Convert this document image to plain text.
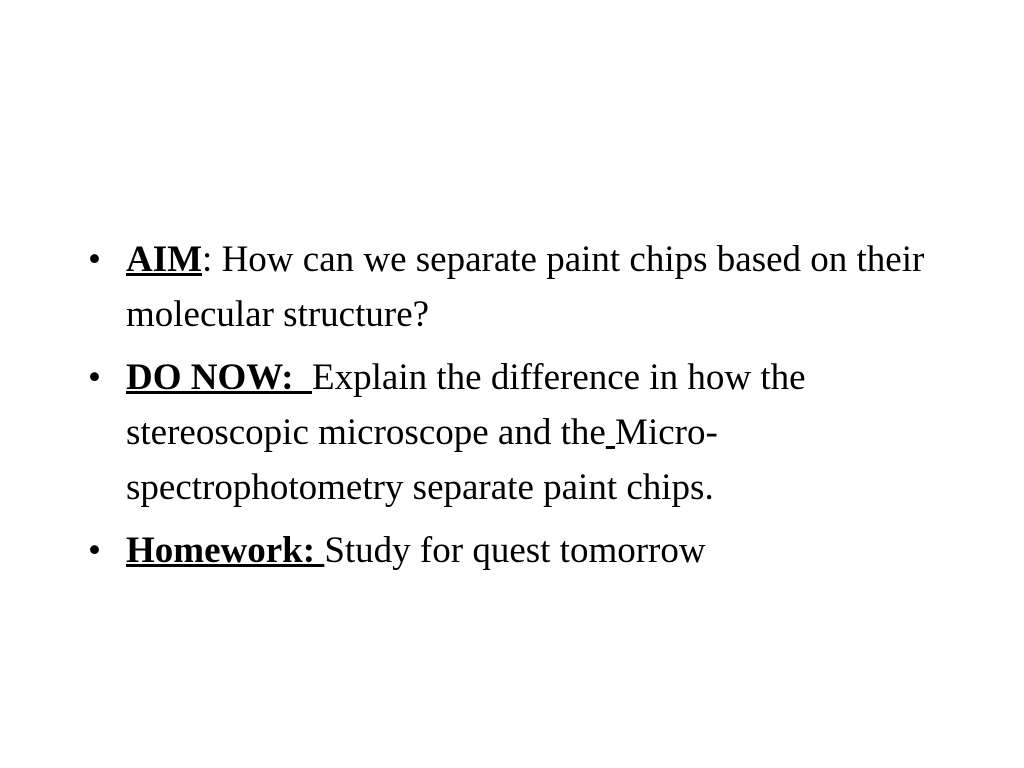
• AIM: How can we separate paint chips based on their molecular structure?
• DO NOW:  Explain the difference in how the stereoscopic microscope and the Micro-spectrophotometry separate paint chips.
• Homework: Study for quest tomorrow
